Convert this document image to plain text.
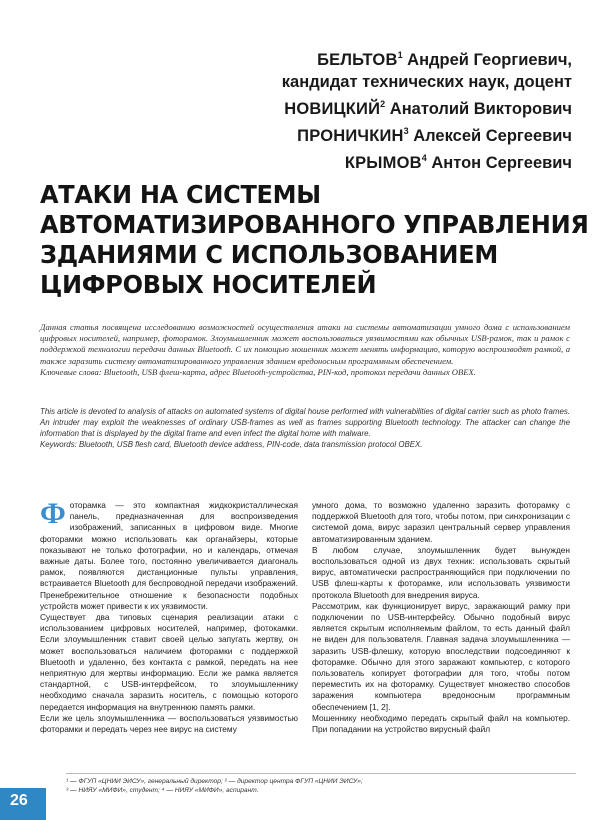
БЕЛЬТОВ$^1$ Андрей Георгиевич,
кандидат технических наук, доцент
НОВИЦКИЙ$^2$ Анатолий Викторович
ПРОНИЧКИН$^3$ Алексей Сергеевич
КРЫМОВ$^4$ Антон Сергеевич
АТАКИ НА СИСТЕМЫ
АВТОМАТИЗИРОВАННОГО УПРАВЛЕНИЯ
ЗДАНИЯМИ С ИСПОЛЬЗОВАНИЕМ
ЦИФРОВЫХ НОСИТЕЛЕЙ
Данная статья посвящена исследованию возможностей осуществления атаки на системы автоматизации умного дома с использованием цифровых носителей, например, фоторамок. Злоумышленник может воспользоваться уязвимостями как обычных USB-рамок, так и рамок с поддержкой технологии передачи данных Bluetooth. С их помощью мошенник может менять информацию, которую воспроизводят рамкой, а также заразить систему автоматизированного управления зданием вредоносным программным обеспечением.
Ключевые слова: Bluetooth, USB флеш-карта, адрес Bluetooth-устройства, PIN-код, протокол передачи данных OBEX.
This article is devoted to analysis of attacks on automated systems of digital house performed with vulnerabilities of digital carrier such as photo frames. An intruder may exploit the weaknesses of ordinary USB-frames as well as frames supporting Bluetooth technology. The attacker can change the information that is displayed by the digital frame and even infect the digital home with malware.
Keywords: Bluetooth, USB flesh card, Bluetooth device address, PIN-code, data transmission protocol OBEX.

Фоторамка — это компактная жидкокристаллическая панель, предназначенная для воспроизведения изображений, записанных в цифровом виде. Многие фоторамки можно использовать как органайзеры, которые показывают не только фотографии, но и календарь, отмечая важные даты. Более того, постоянно увеличивается диагональ рамок, появляются дистанционные пульты управления, встраивается Bluetooth для беспроводной передачи изображений. Пренебрежительное отношение к безопасности подобных устройств может привести к их уязвимости.

Существует два типовых сценария реализации атаки с использованием цифровых носителей, например, фотокамки. Если злоумышленник ставит своей целью запугать жертву, он может воспользоваться наличием фоторамки с поддержкой Bluetooth и удаленно, без контакта с рамкой, передать на нее неприятную для жертвы информацию. Если же рамка является стандартной, с USB-интерфейсом, то злоумышленнику необходимо сначала заразить носитель, с помощью которого передается информация на внутреннюю память рамки.

Если же цель злоумышленника — воспользоваться уязвимостью фоторамки и передать через нее вирус на систему

умного дома, то возможно удаленно заразить фоторамку с поддержкой Bluetooth для того, чтобы потом, при синхронизации с системой дома, вирус заразил центральный сервер управления автоматизированным зданием.

В любом случае, злоумышленник будет вынужден воспользоваться одной из двух техник: использовать скрытый вирус, автоматически распространяющийся при подключении по USB флеш-карты к фоторамке, или использовать уязвимости протокола Bluetooth для внедрения вируса.

Рассмотрим, как функционирует вирус, заражающий рамку при подключении по USB-интерфейсу. Обычно подобный вирус является скрытым исполняемым файлом, то есть данный файл не виден для пользователя. Главная задача злоумышленника — заразить USB-флешку, которую впоследствии подсоединяют к фоторамке. Обычно для этого заражают компьютер, с которого пользователь копирует фотографии для того, чтобы потом переместить их на фоторамку. Существует множество способов заражения компьютера вредоносным программным обеспечением [1, 2].

Мошеннику необходимо передать скрытый файл на компьютер. При попадании на устройство вирусный файл

¹ — ФГУП «ЦНИИ ЭИСУ», генеральный директор; ² — директор центра ФГУП «ЦНИИ ЭИСУ»;
³ — НИЯУ «МИФИ», студент; ⁴ — НИЯУ «МИФИ», аспирант.
26
